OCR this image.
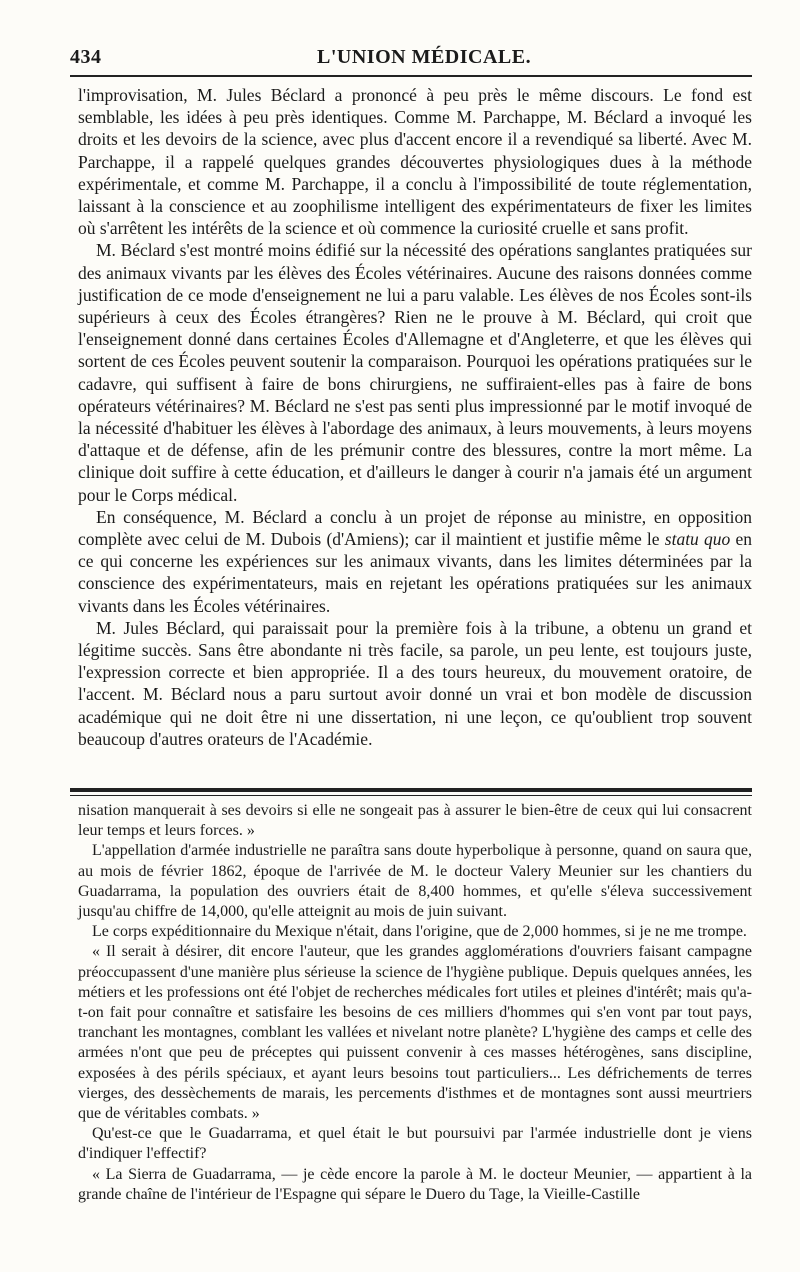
434	L'UNION MÉDICALE.

l'improvisation, M. Jules Béclard a prononcé à peu près le même discours. Le fond est semblable, les idées à peu près identiques. Comme M. Parchappe, M. Béclard a invoqué les droits et les devoirs de la science, avec plus d'accent encore il a revendiqué sa liberté. Avec M. Parchappe, il a rappelé quelques grandes découvertes physiologiques dues à la méthode expérimentale, et comme M. Parchappe, il a conclu à l'impossibilité de toute réglementation, laissant à la conscience et au zoophilisme intelligent des expérimentateurs de fixer les limites où s'arrêtent les intérêts de la science et où commence la curiosité cruelle et sans profit.

M. Béclard s'est montré moins édifié sur la nécessité des opérations sanglantes pratiquées sur des animaux vivants par les élèves des Écoles vétérinaires. Aucune des raisons données comme justification de ce mode d'enseignement ne lui a paru valable. Les élèves de nos Écoles sont-ils supérieurs à ceux des Écoles étrangères? Rien ne le prouve à M. Béclard, qui croit que l'enseignement donné dans certaines Écoles d'Allemagne et d'Angleterre, et que les élèves qui sortent de ces Écoles peuvent soutenir la comparaison. Pourquoi les opérations pratiquées sur le cadavre, qui suffisent à faire de bons chirurgiens, ne suffiraient-elles pas à faire de bons opérateurs vétérinaires? M. Béclard ne s'est pas senti plus impressionné par le motif invoqué de la nécessité d'habituer les élèves à l'abordage des animaux, à leurs mouvements, à leurs moyens d'attaque et de défense, afin de les prémunir contre des blessures, contre la mort même. La clinique doit suffire à cette éducation, et d'ailleurs le danger à courir n'a jamais été un argument pour le Corps médical.

En conséquence, M. Béclard a conclu à un projet de réponse au ministre, en opposition complète avec celui de M. Dubois (d'Amiens); car il maintient et justifie même le statu quo en ce qui concerne les expériences sur les animaux vivants, dans les limites déterminées par la conscience des expérimentateurs, mais en rejetant les opérations pratiquées sur les animaux vivants dans les Écoles vétérinaires.

M. Jules Béclard, qui paraissait pour la première fois à la tribune, a obtenu un grand et légitime succès. Sans être abondante ni très facile, sa parole, un peu lente, est toujours juste, l'expression correcte et bien appropriée. Il a des tours heureux, du mouvement oratoire, de l'accent. M. Béclard nous a paru surtout avoir donné un vrai et bon modèle de discussion académique qui ne doit être ni une dissertation, ni une leçon, ce qu'oublient trop souvent beaucoup d'autres orateurs de l'Académie.

nisation manquerait à ses devoirs si elle ne songeait pas à assurer le bien-être de ceux qui lui consacrent leur temps et leurs forces. »

L'appellation d'armée industrielle ne paraîtra sans doute hyperbolique à personne, quand on saura que, au mois de février 1862, époque de l'arrivée de M. le docteur Valery Meunier sur les chantiers du Guadarrama, la population des ouvriers était de 8,400 hommes, et qu'elle s'éleva successivement jusqu'au chiffre de 14,000, qu'elle atteignit au mois de juin suivant.

Le corps expéditionnaire du Mexique n'était, dans l'origine, que de 2,000 hommes, si je ne me trompe.

« Il serait à désirer, dit encore l'auteur, que les grandes agglomérations d'ouvriers faisant campagne préoccupassent d'une manière plus sérieuse la science de l'hygiène publique. Depuis quelques années, les métiers et les professions ont été l'objet de recherches médicales fort utiles et pleines d'intérêt; mais qu'a-t-on fait pour connaître et satisfaire les besoins de ces milliers d'hommes qui s'en vont par tout pays, tranchant les montagnes, comblant les vallées et nivelant notre planète? L'hygiène des camps et celle des armées n'ont que peu de préceptes qui puissent convenir à ces masses hétérogènes, sans discipline, exposées à des périls spéciaux, et ayant leurs besoins tout particuliers... Les défrichements de terres vierges, des dessèchements de marais, les percements d'isthmes et de montagnes sont aussi meurtriers que de véritables combats. »

Qu'est-ce que le Guadarrama, et quel était le but poursuivi par l'armée industrielle dont je viens d'indiquer l'effectif?

« La Sierra de Guadarrama, — je cède encore la parole à M. le docteur Meunier, — appartient à la grande chaîne de l'intérieur de l'Espagne qui sépare le Duero du Tage, la Vieille-Castille
